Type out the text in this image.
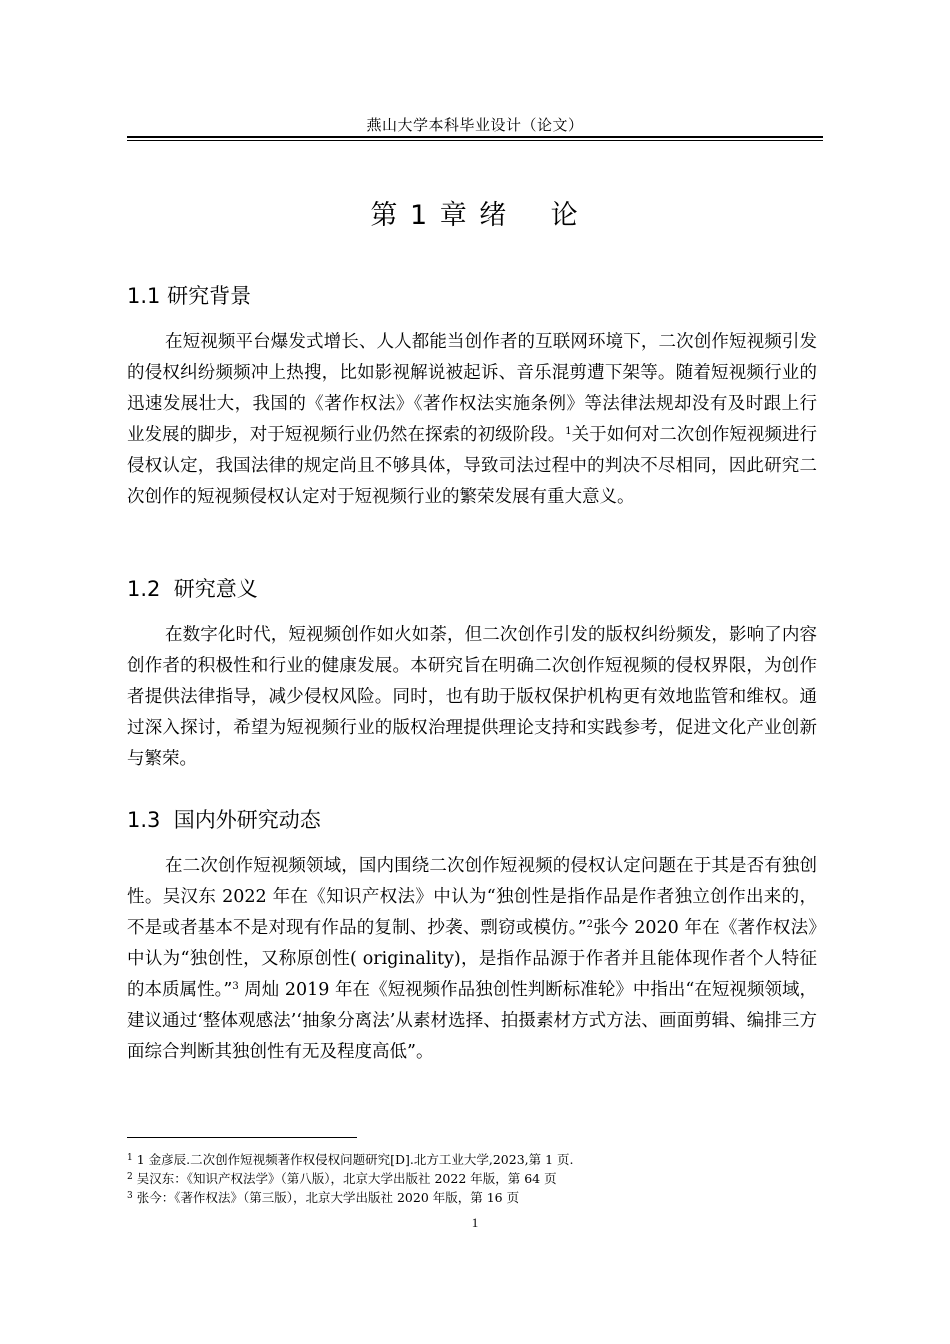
燕山大学本科毕业设计（论文）
第 1 章 绪    论
1.1 研究背景

在短视频平台爆发式增长、人人都能当创作者的互联网环境下，二次创作短视频引发的侵权纠纷频频冲上热搜，比如影视解说被起诉、音乐混剪遭下架等。随着短视频行业的迅速发展壮大，我国的《著作权法》《著作权法实施条例》等法律法规却没有及时跟上行业发展的脚步，对于短视频行业仍然在探索的初级阶段。$^1$关于如何对二次创作短视频进行侵权认定，我国法律的规定尚且不够具体，导致司法过程中的判决不尽相同，因此研究二次创作的短视频侵权认定对于短视频行业的繁荣发展有重大意义。

1.2  研究意义

在数字化时代，短视频创作如火如荼，但二次创作引发的版权纠纷频发，影响了内容创作者的积极性和行业的健康发展。本研究旨在明确二次创作短视频的侵权界限，为创作者提供法律指导，减少侵权风险。同时，也有助于版权保护机构更有效地监管和维权。通过深入探讨，希望为短视频行业的版权治理提供理论支持和实践参考，促进文化产业创新与繁荣。

1.3  国内外研究动态

在二次创作短视频领域，国内围绕二次创作短视频的侵权认定问题在于其是否有独创性。吴汉东 2022 年在《知识产权法》中认为“独创性是指作品是作者独立创作出来的，不是或者基本不是对现有作品的复制、抄袭、剽窃或模仿。”$^2$张今 2020 年在《著作权法》中认为“独创性，又称原创性( originality)，是指作品源于作者并且能体现作者个人特征的本质属性。”$^3$ 周灿 2019 年在《短视频作品独创性判断标准轮》中指出“在短视频领域，建议通过‘整体观感法’‘抽象分离法’从素材选择、拍摄素材方式方法、画面剪辑、编排三方面综合判断其独创性有无及程度高低”。

$^1$ 1 金彦辰.二次创作短视频著作权侵权问题研究[D].北方工业大学,2023,第 1 页.
$^2$ 吴汉东：《知识产权法学》（第八版），北京大学出版社 2022 年版，第 64 页
$^3$ 张今：《著作权法》（第三版），北京大学出版社 2020 年版，第 16 页
1
